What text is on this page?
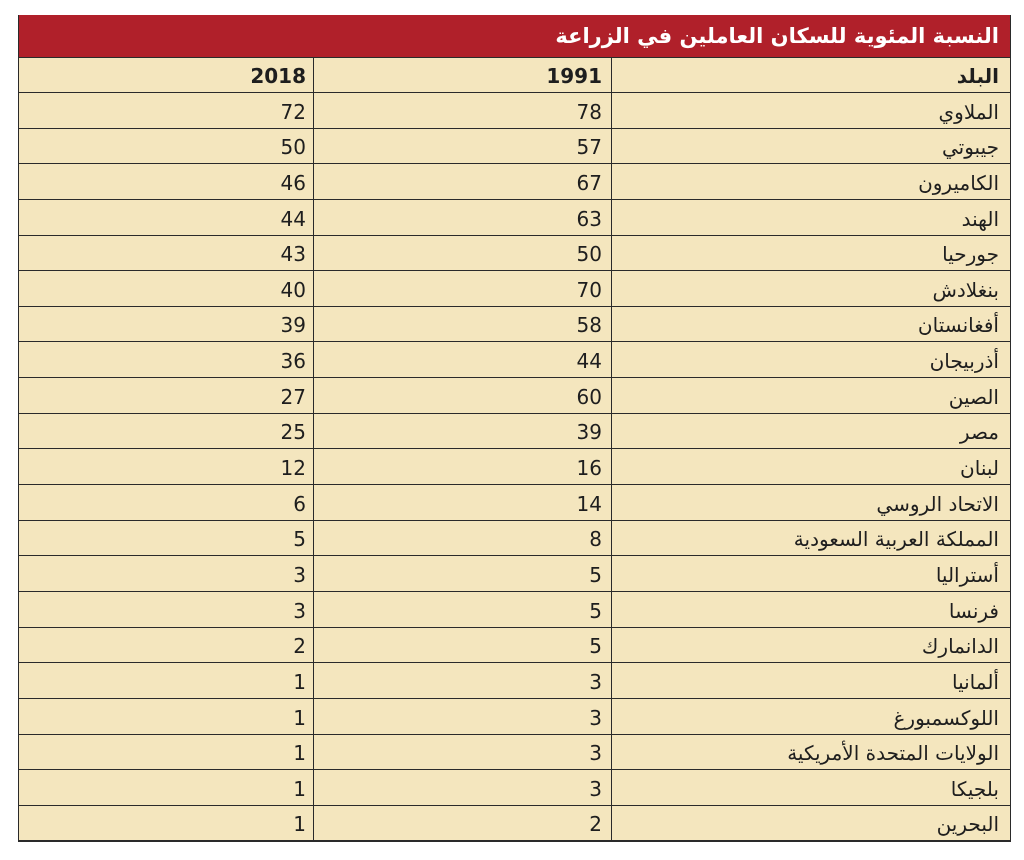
النسبة المئوية للسكان العاملين في الزراعة
2018	1991	البلد
72	78	الملاوي
50	57	جيبوتي
46	67	الكاميرون
44	63	الهند
43	50	جورحيا
40	70	بنغلادش
39	58	أفغانستان
36	44	أذربيجان
27	60	الصين
25	39	مصر
12	16	لبنان
6	14	الاتحاد الروسي
5	8	المملكة العربية السعودية
3	5	أستراليا
3	5	فرنسا
2	5	الدانمارك
1	3	ألمانيا
1	3	اللوكسمبورغ
1	3	الولايات المتحدة الأمريكية
1	3	بلجيكا
1	2	البحرين
